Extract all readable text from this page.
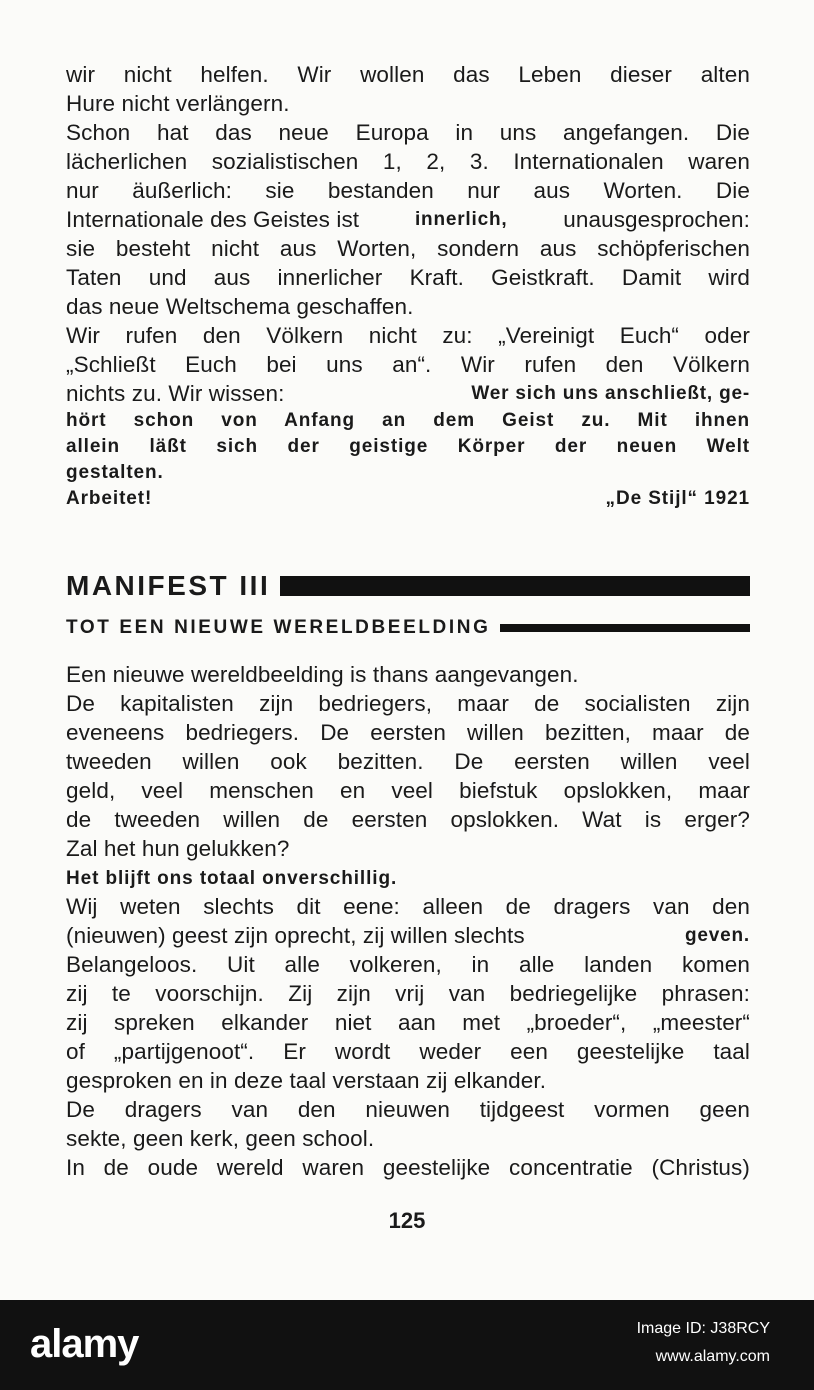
wir nicht helfen. Wir wollen das Leben dieser alten
Hure nicht verlängern.
Schon hat das neue Europa in uns angefangen. Die
lächerlichen sozialistischen 1, 2, 3. Internationalen waren
nur äußerlich: sie bestanden nur aus Worten. Die
Internationale des Geistes ist	innerlich, unausgesprochen:
sie besteht nicht aus Worten, sondern aus schöpferischen
Taten und aus innerlicher Kraft. Geistkraft. Damit wird
das neue Weltschema geschaffen.
Wir rufen den Völkern nicht zu: „Vereinigt Euch“ oder
„Schließt Euch bei uns an“. Wir rufen den Völkern
nichts zu. Wir wissen:	Wer sich uns anschließt, ge-
hört schon von Anfang an dem Geist zu. Mit ihnen
allein läßt sich der geistige Körper der neuen Welt
gestalten.
Arbeitet!	„De Stijl“ 1921
MANIFEST III
TOT EEN NIEUWE WERELDBEELDING
Een nieuwe wereldbeelding is thans aangevangen.
De kapitalisten zijn bedriegers, maar de socialisten zijn
eveneens bedriegers. De eersten willen bezitten, maar de
tweeden willen ook bezitten. De eersten willen veel
geld, veel menschen en veel biefstuk opslokken, maar
de tweeden willen de eersten opslokken. Wat is erger?
Zal het hun gelukken?
Het blijft ons totaal onverschillig.
Wij weten slechts dit eene: alleen de dragers van den
(nieuwen) geest zijn oprecht, zij willen slechts	geven.
Belangeloos. Uit alle volkeren, in alle landen komen
zij te voorschijn. Zij zijn vrij van bedriegelijke phrasen:
zij spreken elkander niet aan met „broeder“, „meester“
of „partijgenoot“. Er wordt weder een geestelijke taal
gesproken en in deze taal verstaan zij elkander.
De dragers van den nieuwen tijdgeest vormen geen
sekte, geen kerk, geen school.
In de oude wereld waren geestelijke concentratie (Christus)
125
alamy	Image ID: J38RCY
www.alamy.com
